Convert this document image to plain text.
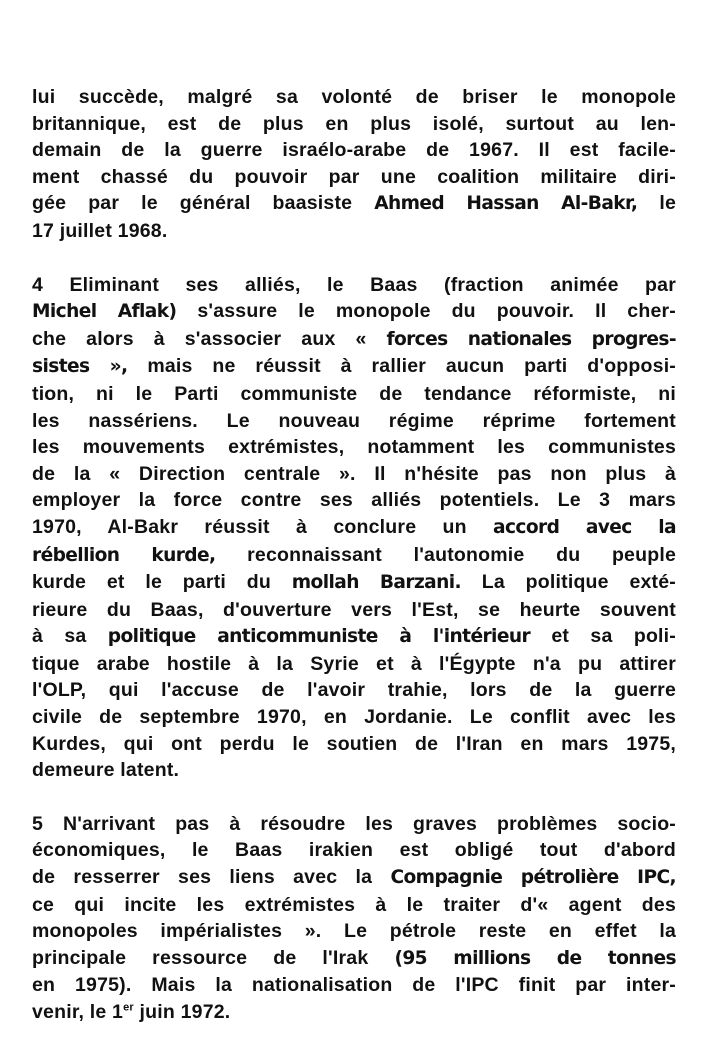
lui succède, malgré sa volonté de briser le monopole
britannique, est de plus en plus isolé, surtout au len-
demain de la guerre israélo-arabe de 1967. Il est facile-
ment chassé du pouvoir par une coalition militaire diri-
gée par le général baasiste Ahmed Hassan Al-Bakr, le
17 juillet 1968.

4 Eliminant ses alliés, le Baas (fraction animée par
Michel Aflak) s'assure le monopole du pouvoir. Il cher-
che alors à s'associer aux « forces nationales progres-
sistes », mais ne réussit à rallier aucun parti d'opposi-
tion, ni le Parti communiste de tendance réformiste, ni
les nassériens. Le nouveau régime réprime fortement
les mouvements extrémistes, notamment les communistes
de la « Direction centrale ». Il n'hésite pas non plus à
employer la force contre ses alliés potentiels. Le 3 mars
1970, Al-Bakr réussit à conclure un accord avec la
rébellion kurde, reconnaissant l'autonomie du peuple
kurde et le parti du mollah Barzani. La politique exté-
rieure du Baas, d'ouverture vers l'Est, se heurte souvent
à sa politique anticommuniste à l'intérieur et sa poli-
tique arabe hostile à la Syrie et à l'Égypte n'a pu attirer
l'OLP, qui l'accuse de l'avoir trahie, lors de la guerre
civile de septembre 1970, en Jordanie. Le conflit avec les
Kurdes, qui ont perdu le soutien de l'Iran en mars 1975,
demeure latent.

5 N'arrivant pas à résoudre les graves problèmes socio-
économiques, le Baas irakien est obligé tout d'abord
de resserrer ses liens avec la Compagnie pétrolière IPC,
ce qui incite les extrémistes à le traiter d'« agent des
monopoles impérialistes ». Le pétrole reste en effet la
principale ressource de l'Irak (95 millions de tonnes
en 1975). Mais la nationalisation de l'IPC finit par inter-
venir, le 1er juin 1972.
